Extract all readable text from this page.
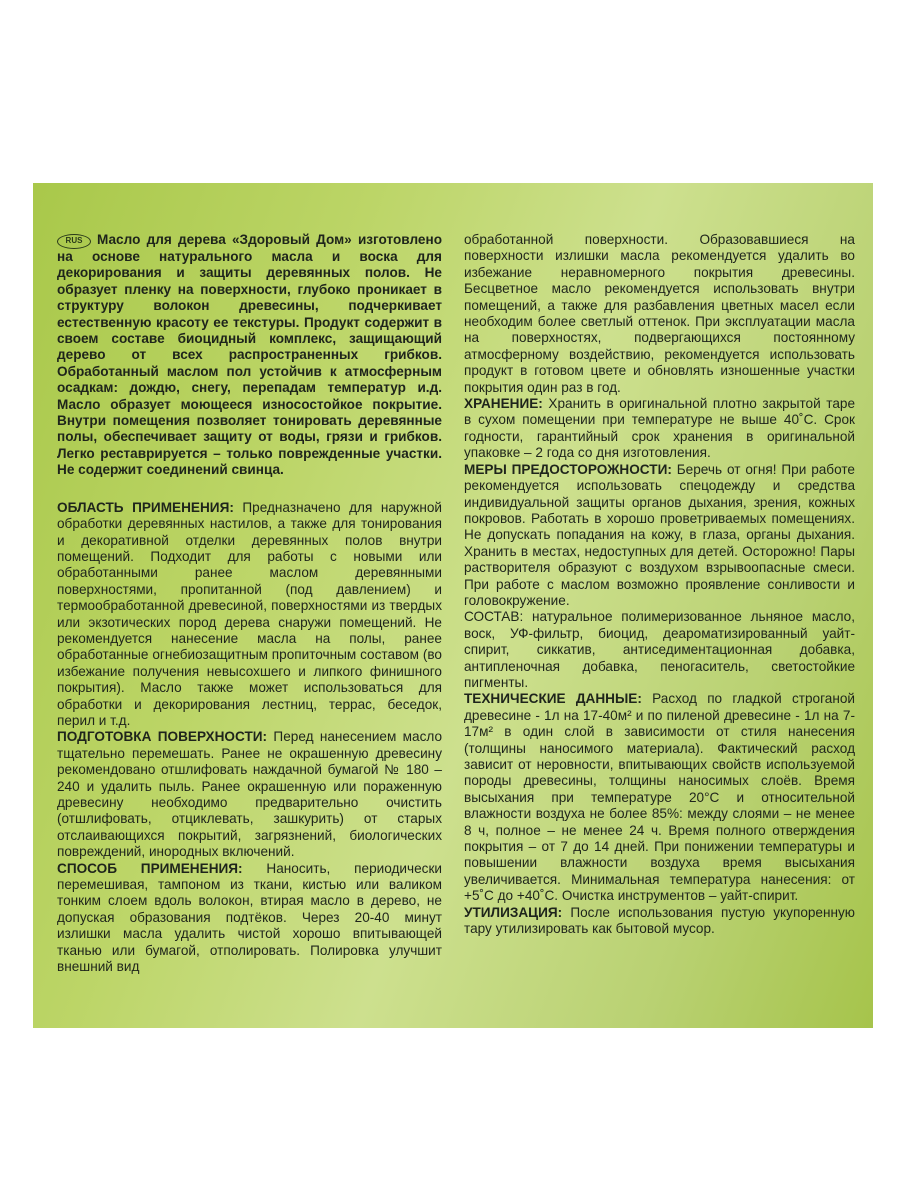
RUS Масло для дерева «Здоровый Дом» изготовлено на основе натурального масла и воска для декорирования и защиты деревянных полов. Не образует пленку на поверхности, глубоко проникает в структуру волокон древесины, подчеркивает естественную красоту ее текстуры. Продукт содержит в своем составе биоцидный комплекс, защищающий дерево от всех распространенных грибков. Обработанный маслом пол устойчив к атмосферным осадкам: дождю, снегу, перепадам температур и.д. Масло образует моющееся износостойкое покрытие. Внутри помещения позволяет тонировать деревянные полы, обеспечивает защиту от воды, грязи и грибков. Легко реставрируется – только поврежденные участки. Не содержит соединений свинца.

ОБЛАСТЬ ПРИМЕНЕНИЯ: Предназначено для наружной обработки деревянных настилов, а также для тонирования и декоративной отделки деревянных полов внутри помещений. Подходит для работы с новыми или обработанными ранее маслом деревянными поверхностями, пропитанной (под давлением) и термообработанной древесиной, поверхностями из твердых или экзотических пород дерева снаружи помещений. Не рекомендуется нанесение масла на полы, ранее обработанные огнебиозащитным пропиточным составом (во избежание получения невысохшего и липкого финишного покрытия). Масло также может использоваться для обработки и декорирования лестниц, террас, беседок, перил и т.д.

ПОДГОТОВКА ПОВЕРХНОСТИ: Перед нанесением масло тщательно перемешать. Ранее не окрашенную древесину рекомендовано отшлифовать наждачной бумагой № 180 – 240 и удалить пыль. Ранее окрашенную или пораженную древесину необходимо предварительно очистить (отшлифовать, отциклевать, зашкурить) от старых отслаивающихся покрытий, загрязнений, биологических повреждений, инородных включений.

СПОСОБ ПРИМЕНЕНИЯ: Наносить, периодически перемешивая, тампоном из ткани, кистью или валиком тонким слоем вдоль волокон, втирая масло в дерево, не допуская образования подтёков. Через 20-40 минут излишки масла удалить чистой хорошо впитывающей тканью или бумагой, отполировать. Полировка улучшит внешний вид

обработанной поверхности. Образовавшиеся на поверхности излишки масла рекомендуется удалить во избежание неравномерного покрытия древесины. Бесцветное масло рекомендуется использовать внутри помещений, а также для разбавления цветных масел если необходим более светлый оттенок. При эксплуатации масла на поверхностях, подвергающихся постоянному атмосферному воздействию, рекомендуется использовать продукт в готовом цвете и обновлять изношенные участки покрытия один раз в год.

ХРАНЕНИЕ: Хранить в оригинальной плотно закрытой таре в сухом помещении при температуре не выше 40˚С. Срок годности, гарантийный срок хранения в оригинальной упаковке – 2 года со дня изготовления.

МЕРЫ ПРЕДОСТОРОЖНОСТИ: Беречь от огня! При работе рекомендуется использовать спецодежду и средства индивидуальной защиты органов дыхания, зрения, кожных покровов. Работать в хорошо проветриваемых помещениях. Не допускать попадания на кожу, в глаза, органы дыхания. Хранить в местах, недоступных для детей. Осторожно! Пары растворителя образуют с воздухом взрывоопасные смеси. При работе с маслом возможно проявление сонливости и головокружение.

СОСТАВ: натуральное полимеризованное льняное масло, воск, УФ-фильтр, биоцид, деароматизированный уайт-спирит, сиккатив, антиседиментационная добавка, антипленочная добавка, пеногаситель, светостойкие пигменты.

ТЕХНИЧЕСКИЕ ДАННЫЕ: Расход по гладкой строганой древесине - 1л на 17-40м² и по пиленой древесине - 1л на 7-17м² в один слой в зависимости от стиля нанесения (толщины наносимого материала). Фактический расход зависит от неровности, впитывающих свойств используемой породы древесины, толщины наносимых слоёв. Время высыхания при температуре 20°С и относительной влажности воздуха не более 85%: между слоями – не менее 8 ч, полное – не менее 24 ч. Время полного отверждения покрытия – от 7 до 14 дней. При понижении температуры и повышении влажности воздуха время высыхания увеличивается. Минимальная температура нанесения: от +5˚С до +40˚С. Очистка инструментов – уайт-спирит.

УТИЛИЗАЦИЯ: После использования пустую укупоренную тару утилизировать как бытовой мусор.
